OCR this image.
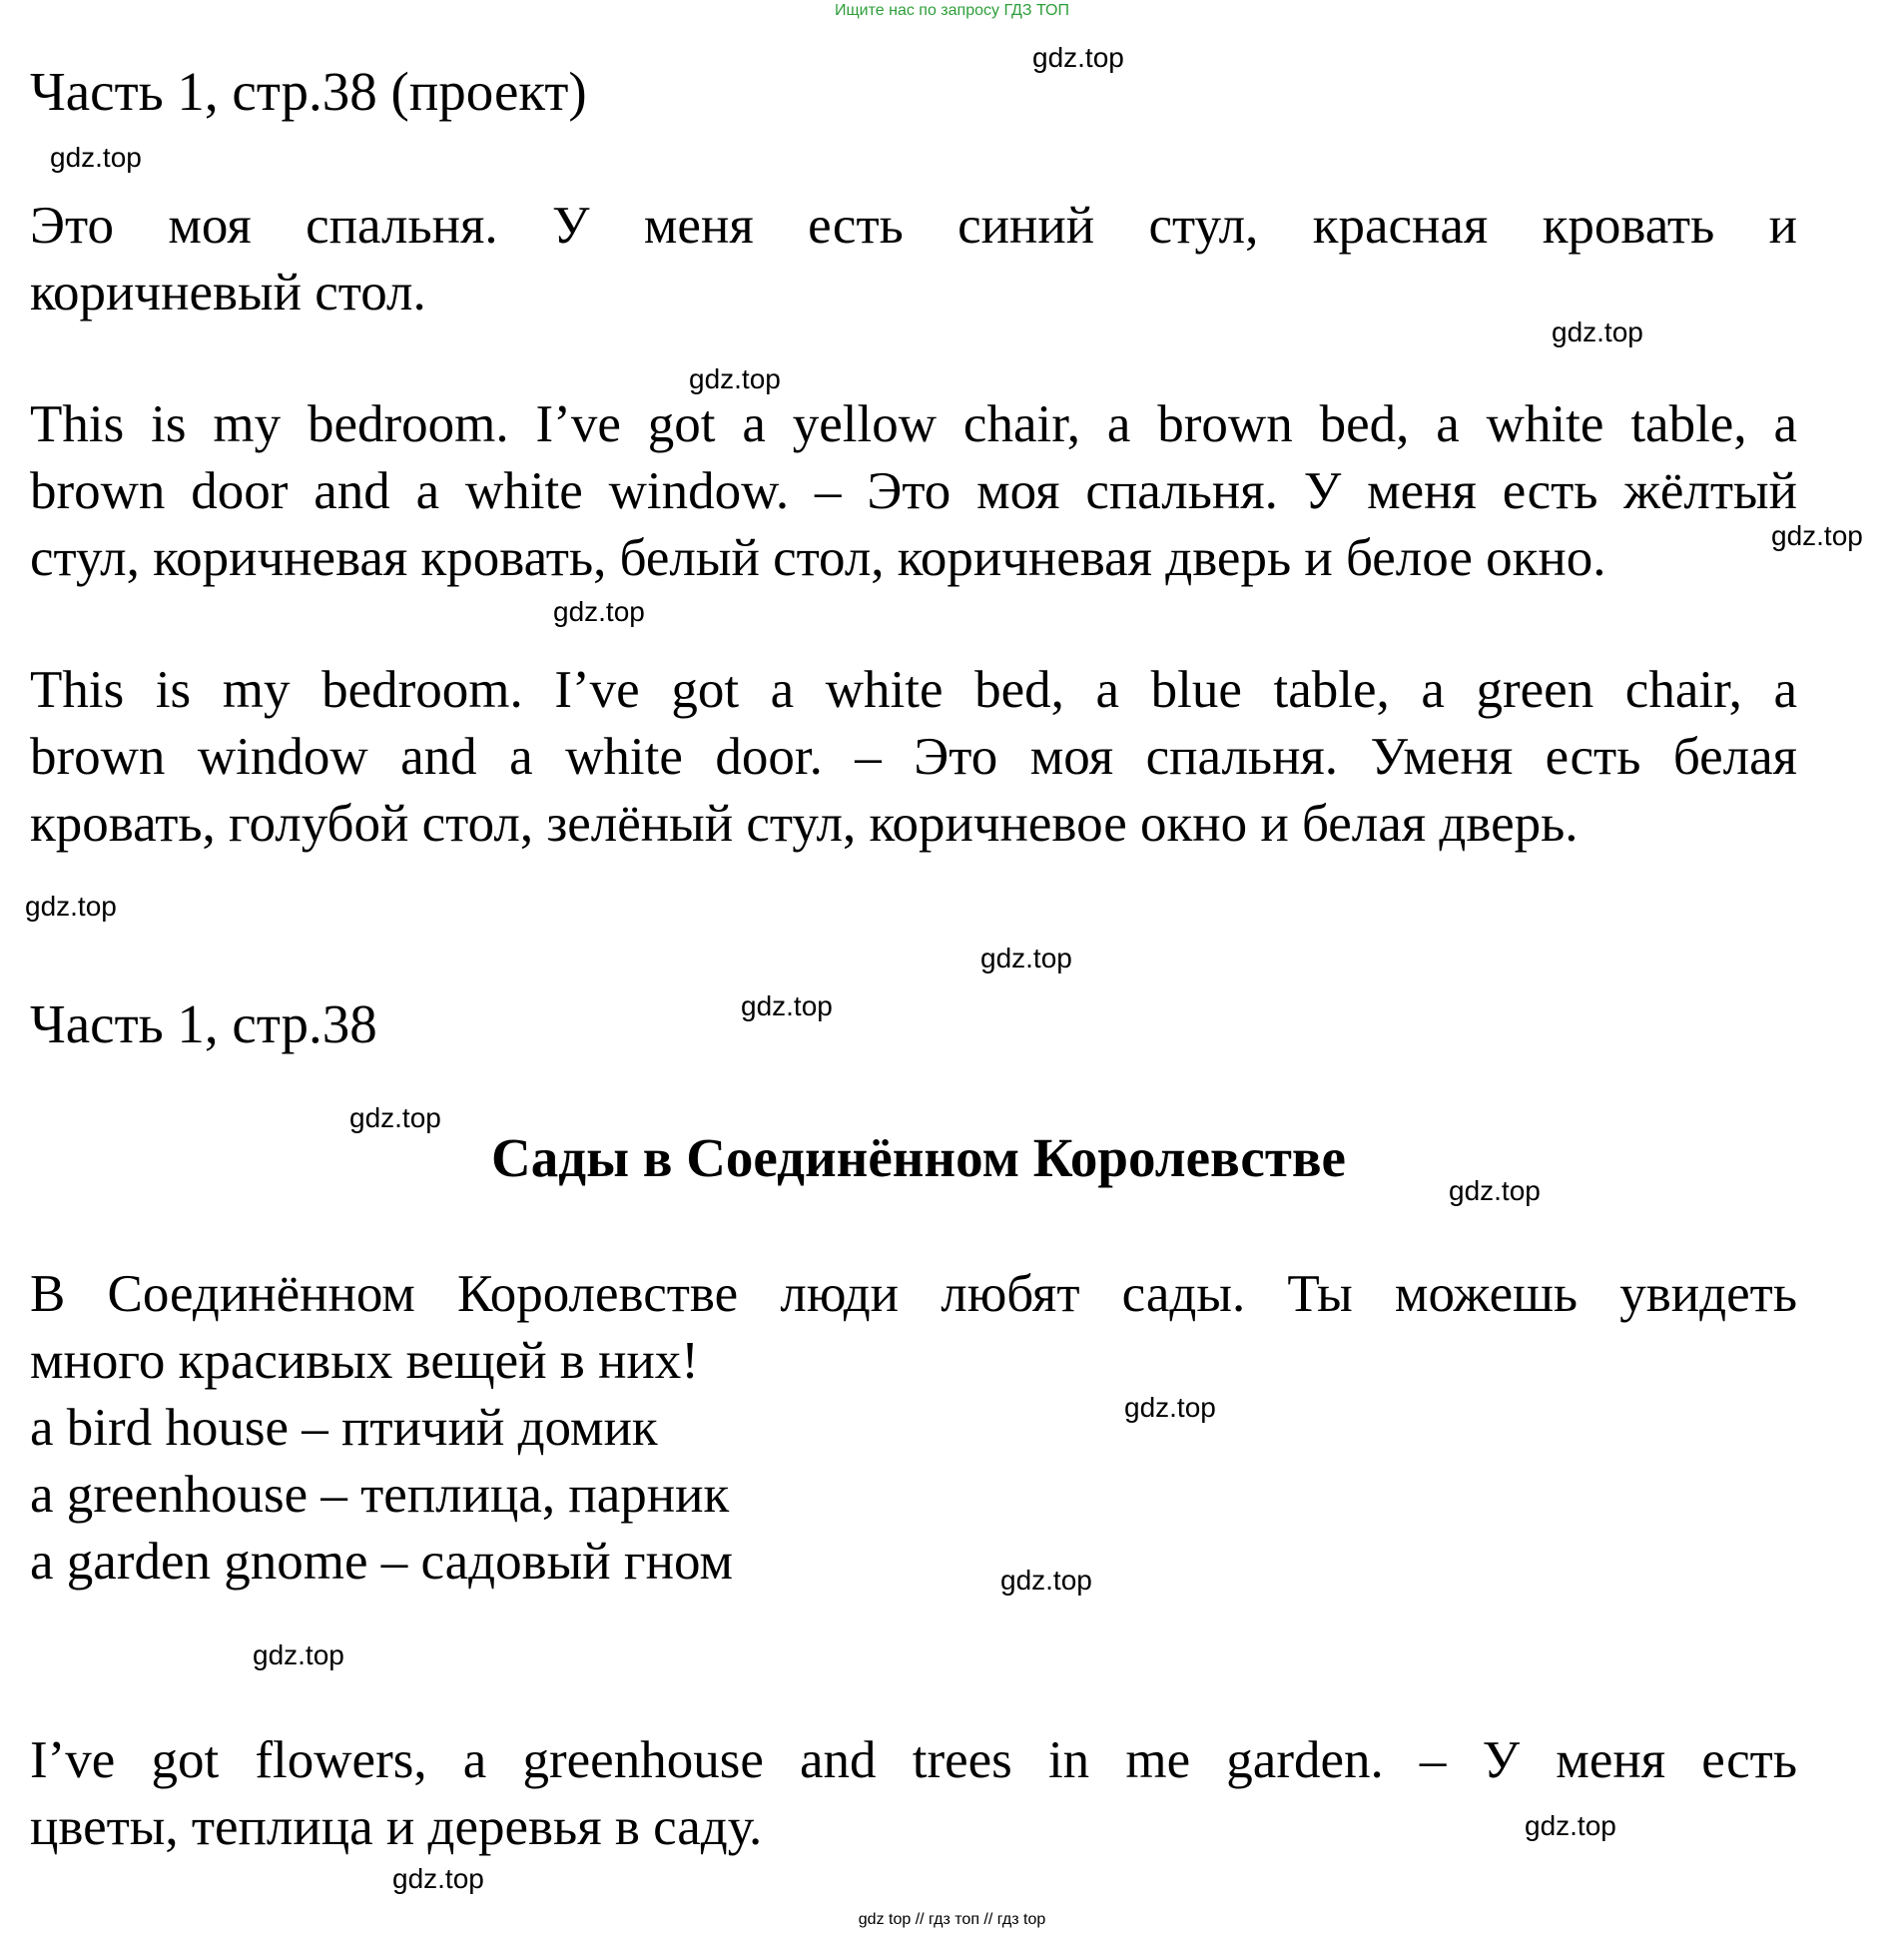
Ищите нас по запросу ГДЗ ТОП
Часть 1, стр.38 (проект)
Это моя спальня. У меня есть синий стул, красная кровать и
коричневый стол.
This is my bedroom. I’ve got a yellow chair, a brown bed, a white table, a
brown door and a white window. – Это моя спальня. У меня есть жёлтый
стул, коричневая кровать, белый стол, коричневая дверь и белое окно.
This is my bedroom. I’ve got a white bed, a blue table, a green chair, a
brown window and a white door. – Это моя спальня. Уменя есть белая
кровать, голубой стол, зелёный стул, коричневое окно и белая дверь.
Часть 1, стр.38
Сады в Соединённом Королевстве
В Соединённом Королевстве люди любят сады. Ты можешь увидеть
много красивых вещей в них!
a bird house – птичий домик
a greenhouse – теплица, парник
a garden gnome – садовый гном
I’ve got flowers, a greenhouse and trees in me garden. – У меня есть
цветы, теплица и деревья в саду.
gdz.top
gdz.top
gdz.top
gdz.top
gdz.top
gdz.top
gdz.top
gdz.top
gdz.top
gdz.top
gdz.top
gdz.top
gdz.top
gdz.top
gdz.top
gdz.top
gdz top // гдз топ // гдз top
